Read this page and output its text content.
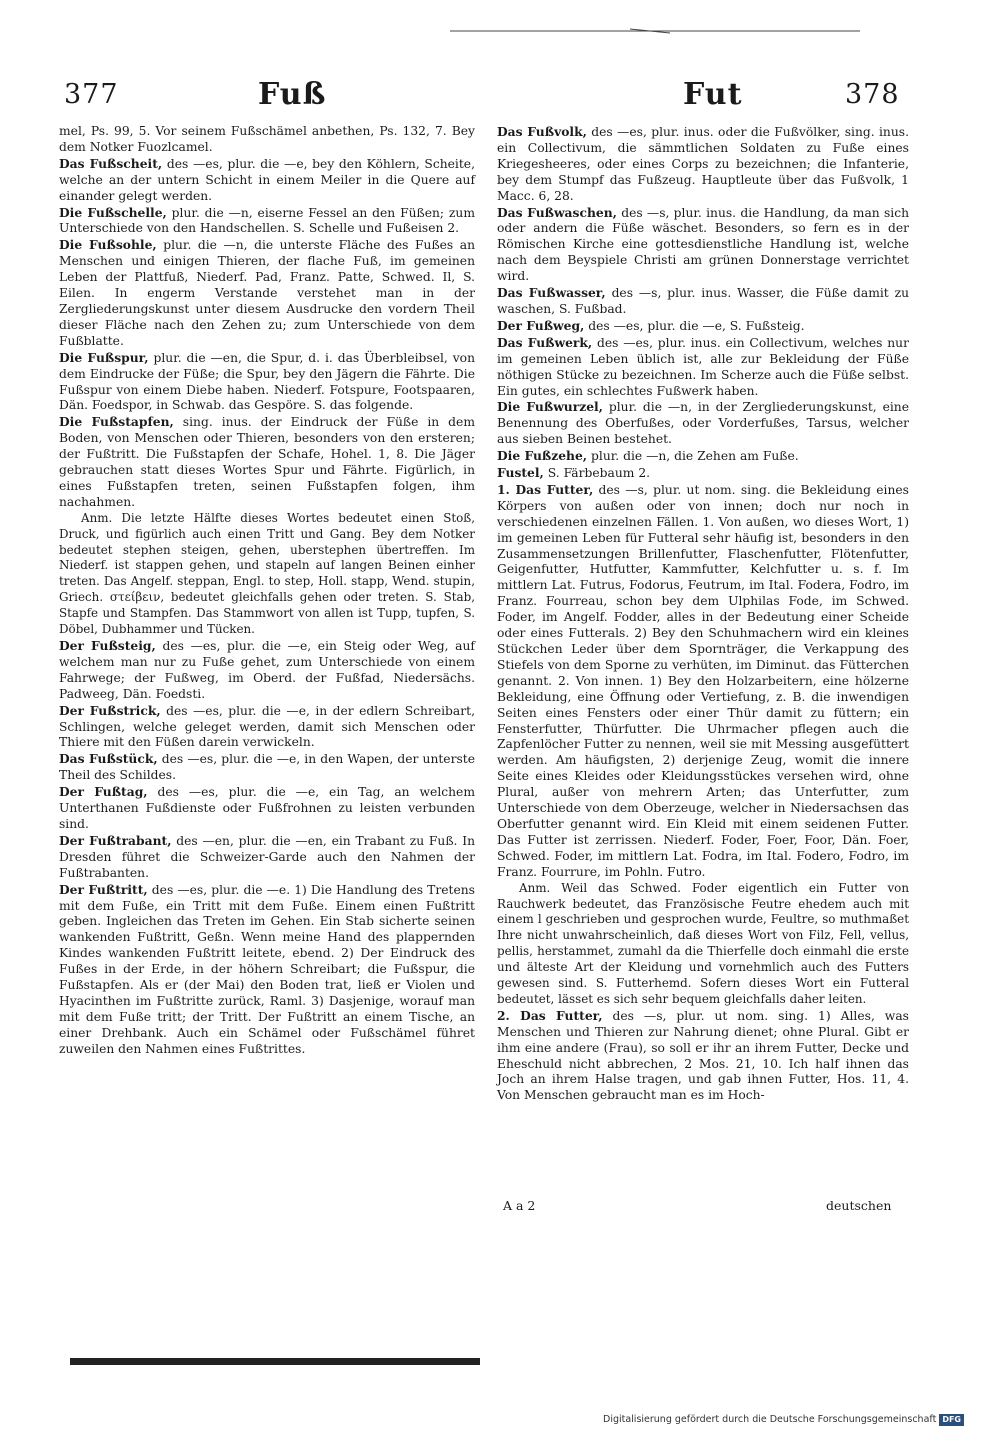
377	Fuß	Fut	378

mel, Ps. 99, 5. Vor seinem Fußschämel anbethen, Ps. 132, 7. Bey dem Notker Fuozlcamel.

Das Fußscheit, des —es, plur. die —e, bey den Köhlern, Scheite, welche an der untern Schicht in einem Meiler in die Quere auf einander gelegt werden.

Die Fußschelle, plur. die —n, eiserne Fessel an den Füßen; zum Unterschiede von den Handschellen. S. Schelle und Fußeisen 2.

Die Fußsohle, plur. die —n, die unterste Fläche des Fußes an Menschen und einigen Thieren, der flache Fuß, im gemeinen Leben der Plattfuß, Niederf. Pad, Franz. Patte, Schwed. Il, S. Eilen. In engerm Verstande verstehet man in der Zergliederungskunst unter diesem Ausdrucke den vordern Theil dieser Fläche nach den Zehen zu; zum Unterschiede von dem Fußblatte.

Die Fußspur, plur. die —en, die Spur, d. i. das Überbleibsel, von dem Eindrucke der Füße; die Spur, bey den Jägern die Fährte. Die Fußspur von einem Diebe haben. Niederf. Fotspure, Footspaaren, Dän. Foedspor, in Schwab. das Gespöre. S. das folgende.

Die Fußstapfen, sing. inus. der Eindruck der Füße in dem Boden, von Menschen oder Thieren, besonders von den ersteren; der Fußtritt. Die Fußstapfen der Schafe, Hohel. 1, 8. Die Jäger gebrauchen statt dieses Wortes Spur und Fährte. Figürlich, in eines Fußstapfen treten, seinen Fußstapfen folgen, ihm nachahmen.

Anm. Die letzte Hälfte dieses Wortes bedeutet einen Stoß, Druck, und figürlich auch einen Tritt und Gang. Bey dem Notker bedeutet stephen steigen, gehen, uberstephen übertreffen. Im Niederf. ist stappen gehen, und stapeln auf langen Beinen einher treten. Das Angelf. steppan, Engl. to step, Holl. stapp, Wend. stupin, Griech. στείβειν, bedeutet gleichfalls gehen oder treten. S. Stab, Stapfe und Stampfen. Das Stammwort von allen ist Tupp, tupfen, S. Döbel, Dubhammer und Tücken.

Der Fußsteig, des —es, plur. die —e, ein Steig oder Weg, auf welchem man nur zu Fuße gehet, zum Unterschiede von einem Fahrwege; der Fußweg, im Oberd. der Fußfad, Niedersächs. Padweeg, Dän. Foedsti.

Der Fußstrick, des —es, plur. die —e, in der edlern Schreibart, Schlingen, welche geleget werden, damit sich Menschen oder Thiere mit den Füßen darein verwickeln.

Das Fußstück, des —es, plur. die —e, in den Wapen, der unterste Theil des Schildes.

Der Fußtag, des —es, plur. die —e, ein Tag, an welchem Unterthanen Fußdienste oder Fußfrohnen zu leisten verbunden sind.

Der Fußtrabant, des —en, plur. die —en, ein Trabant zu Fuß. In Dresden führet die Schweizer-Garde auch den Nahmen der Fußtrabanten.

Der Fußtritt, des —es, plur. die —e. 1) Die Handlung des Tretens mit dem Fuße, ein Tritt mit dem Fuße. Einem einen Fußtritt geben. Ingleichen das Treten im Gehen. Ein Stab sicherte seinen wankenden Fußtritt, Geßn. Wenn meine Hand des plappernden Kindes wankenden Fußtritt leitete, ebend. 2) Der Eindruck des Fußes in der Erde, in der höhern Schreibart; die Fußspur, die Fußstapfen. Als er (der Mai) den Boden trat, ließ er Violen und Hyacinthen im Fußtritte zurück, Raml. 3) Dasjenige, worauf man mit dem Fuße tritt; der Tritt. Der Fußtritt an einem Tische, an einer Drehbank. Auch ein Schämel oder Fußschämel führet zuweilen den Nahmen eines Fußtrittes.

Das Fußvolk, des —es, plur. inus. oder die Fußvölker, sing. inus. ein Collectivum, die sämmtlichen Soldaten zu Fuße eines Kriegesheeres, oder eines Corps zu bezeichnen; die Infanterie, bey dem Stumpf das Fußzeug. Hauptleute über das Fußvolk, 1 Macc. 6, 28.

Das Fußwaschen, des —s, plur. inus. die Handlung, da man sich oder andern die Füße wäschet. Besonders, so fern es in der Römischen Kirche eine gottesdienstliche Handlung ist, welche nach dem Beyspiele Christi am grünen Donnerstage verrichtet wird.

Das Fußwasser, des —s, plur. inus. Wasser, die Füße damit zu waschen, S. Fußbad.

Der Fußweg, des —es, plur. die —e, S. Fußsteig.

Das Fußwerk, des —es, plur. inus. ein Collectivum, welches nur im gemeinen Leben üblich ist, alle zur Bekleidung der Füße nöthigen Stücke zu bezeichnen. Im Scherze auch die Füße selbst. Ein gutes, ein schlechtes Fußwerk haben.

Die Fußwurzel, plur. die —n, in der Zergliederungskunst, eine Benennung des Oberfußes, oder Vorderfußes, Tarsus, welcher aus sieben Beinen bestehet.

Die Fußzehe, plur. die —n, die Zehen am Fuße.

Fustel, S. Färbebaum 2.

1. Das Futter, des —s, plur. ut nom. sing. die Bekleidung eines Körpers von außen oder von innen; doch nur noch in verschiedenen einzelnen Fällen. 1. Von außen, wo dieses Wort, 1) im gemeinen Leben für Futteral sehr häufig ist, besonders in den Zusammensetzungen Brillenfutter, Flaschenfutter, Flötenfutter, Geigenfutter, Hutfutter, Kammfutter, Kelchfutter u. s. f. Im mittlern Lat. Futrus, Fodorus, Feutrum, im Ital. Fodera, Fodro, im Franz. Fourreau, schon bey dem Ulphilas Fode, im Schwed. Foder, im Angelf. Fodder, alles in der Bedeutung einer Scheide oder eines Futterals. 2) Bey den Schuhmachern wird ein kleines Stückchen Leder über dem Spornträger, die Verkappung des Stiefels von dem Sporne zu verhüten, im Diminut. das Fütterchen genannt. 2. Von innen. 1) Bey den Holzarbeitern, eine hölzerne Bekleidung, eine Öffnung oder Vertiefung, z. B. die inwendigen Seiten eines Fensters oder einer Thür damit zu füttern; ein Fensterfutter, Thürfutter. Die Uhrmacher pflegen auch die Zapfenlöcher Futter zu nennen, weil sie mit Messing ausgefüttert werden. Am häufigsten, 2) derjenige Zeug, womit die innere Seite eines Kleides oder Kleidungsstückes versehen wird, ohne Plural, außer von mehrern Arten; das Unterfutter, zum Unterschiede von dem Oberzeuge, welcher in Niedersachsen das Oberfutter genannt wird. Ein Kleid mit einem seidenen Futter. Das Futter ist zerrissen. Niederf. Foder, Foer, Foor, Dän. Foer, Schwed. Foder, im mittlern Lat. Fodra, im Ital. Fodero, Fodro, im Franz. Fourrure, im Pohln. Futro.

Anm. Weil das Schwed. Foder eigentlich ein Futter von Rauchwerk bedeutet, das Französische Feutre ehedem auch mit einem l geschrieben und gesprochen wurde, Feultre, so muthmaßet Ihre nicht unwahrscheinlich, daß dieses Wort von Filz, Fell, vellus, pellis, herstammet, zumahl da die Thierfelle doch einmahl die erste und älteste Art der Kleidung und vornehmlich auch des Futters gewesen sind. S. Futterhemd. Sofern dieses Wort ein Futteral bedeutet, lässet es sich sehr bequem gleichfalls daher leiten.

2. Das Futter, des —s, plur. ut nom. sing. 1) Alles, was Menschen und Thieren zur Nahrung dienet; ohne Plural. Gibt er ihm eine andere (Frau), so soll er ihr an ihrem Futter, Decke und Eheschuld nicht abbrechen, 2 Mos. 21, 10. Ich half ihnen das Joch an ihrem Halse tragen, und gab ihnen Futter, Hos. 11, 4. Von Menschen gebraucht man es im Hoch-

A a 2	deutschen
Digitalisierung gefördert durch die Deutsche Forschungsgemeinschaft DFG
